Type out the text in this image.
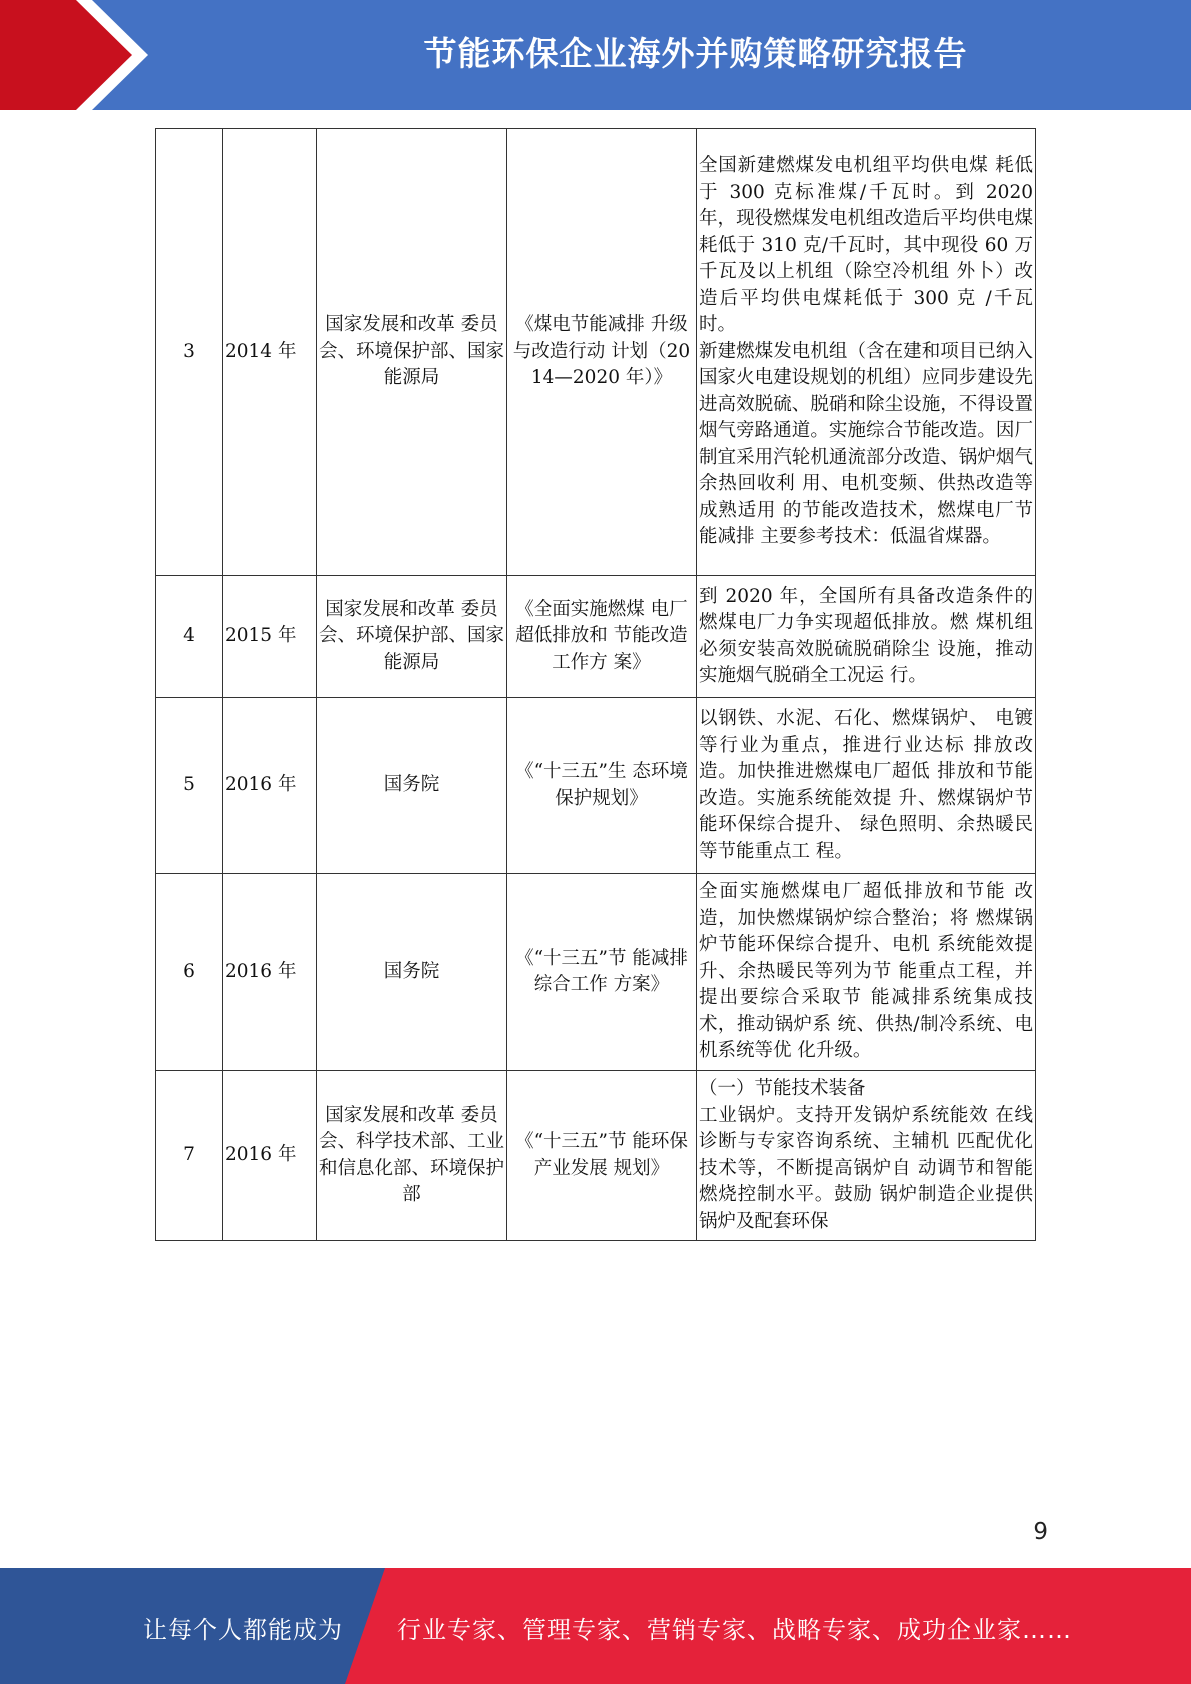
节能环保企业海外并购策略研究报告
3	2014 年	国家发展和改革 委员会、环境保护部、国家能源局	《煤电节能减排 升级与改造行动 计划（2014—2020 年）》	全国新建燃煤发电机组平均供电煤 耗低于 300 克标准煤/千瓦时。到 2020 年，现役燃煤发电机组改造后平均供电煤耗低于 310 克/千瓦时，其中现役 60 万千瓦及以上机组（除空冷机组 外卜）改造后平均供电煤耗低于 300 克 /千瓦时。
新建燃煤发电机组（含在建和项目已纳入国家火电建设规划的机组）应同步建设先进高效脱硫、脱硝和除尘设施，不得设置烟气旁路通道。实施综合节能改造。因厂制宜采用汽轮机通流部分改造、锅炉烟气余热回收利 用、电机变频、供热改造等成熟适用 的节能改造技术，燃煤电厂节能减排 主要参考技术：低温省煤器。

4	2015 年	国家发展和改革 委员会、环境保护部、国家能源局	《全面实施燃煤 电厂超低排放和 节能改造工作方 案》	到 2020 年，全国所有具备改造条件的燃煤电厂力争实现超低排放。燃 煤机组必须安装高效脱硫脱硝除尘 设施，推动实施烟气脱硝全工况运 行。

5	2016 年	国务院	《“十三五”生 态环境保护规划》	以钢铁、水泥、石化、燃煤锅炉、 电镀等行业为重点，推进行业达标 排放改造。加快推进燃煤电厂超低 排放和节能改造。实施系统能效提 升、燃煤锅炉节能环保综合提升、 绿色照明、余热暖民等节能重点工 程。

6	2016 年	国务院	《“十三五”节 能减排综合工作 方案》	全面实施燃煤电厂超低排放和节能 改造，加快燃煤锅炉综合整治；将 燃煤锅炉节能环保综合提升、电机 系统能效提升、余热暖民等列为节 能重点工程，并提出要综合采取节 能减排系统集成技术，推动锅炉系 统、供热/制冷系统、电机系统等优 化升级。

7	2016 年	国家发展和改革 委员会、科学技术部、工业和信息化部、环境保护部	《“十三五”节 能环保产业发展 规划》	（一）节能技术装备
工业锅炉。支持开发锅炉系统能效 在线诊断与专家咨询系统、主辅机 匹配优化技术等，不断提高锅炉自 动调节和智能燃烧控制水平。鼓励 锅炉制造企业提供锅炉及配套环保
9
让每个人都能成为 行业专家、管理专家、营销专家、战略专家、成功企业家……
